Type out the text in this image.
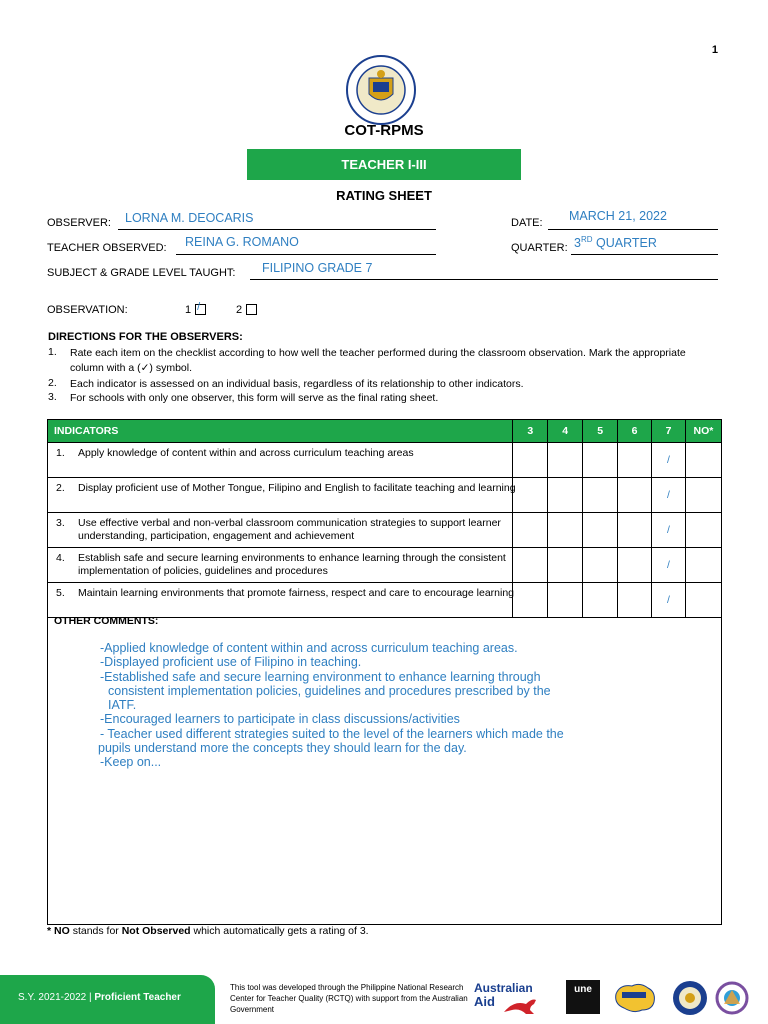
1
COT-RPMS
TEACHER I-III
RATING SHEET
OBSERVER: LORNA M. DEOCARIS	DATE: MARCH 21, 2022
TEACHER OBSERVED: REINA G. ROMANO	QUARTER: 3RD QUARTER
SUBJECT & GRADE LEVEL TAUGHT: FILIPINO GRADE 7
OBSERVATION:	1 /	2
DIRECTIONS FOR THE OBSERVERS:
1. Rate each item on the checklist according to how well the teacher performed during the classroom observation. Mark the appropriate column with a (✓) symbol.
2. Each indicator is assessed on an individual basis, regardless of its relationship to other indicators.
3. For schools with only one observer, this form will serve as the final rating sheet.
INDICATORS	3	4	5	6	7	NO*

1. Apply knowledge of content within and across curriculum teaching areas					/	

2. Display proficient use of Mother Tongue, Filipino and English to facilitate teaching and learning					/	

3. Use effective verbal and non-verbal classroom communication strategies to support learner understanding, participation, engagement and achievement					/	

4. Establish safe and secure learning environments to enhance learning through the consistent implementation of policies, guidelines and procedures					/	

5. Maintain learning environments that promote fairness, respect and care to encourage learning					/	
OTHER COMMENTS:
-Applied knowledge of content within and across curriculum teaching areas.
-Displayed proficient use of Filipino in teaching.
-Established safe and secure learning environment to enhance learning through
consistent implementation policies, guidelines and procedures prescribed by the
IATF.
-Encouraged learners to participate in class discussions/activities
- Teacher used different strategies suited to the level of the learners which made the
pupils understand more the concepts they should learn for the day.
-Keep on...
* NO stands for Not Observed which automatically gets a rating of 3.
S.Y. 2021-2022 | Proficient Teacher
This tool was developed through the Philippine National Research Center for Teacher Quality (RCTQ) with support from the Australian Government
Australian
Aid
une
